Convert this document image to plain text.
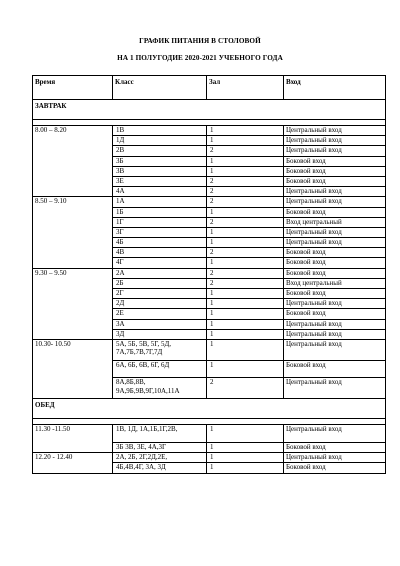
ГРАФИК ПИТАНИЯ В СТОЛОВОЙ
НА 1 ПОЛУГОДИЕ 2020-2021 УЧЕБНОГО ГОДА
Время	Класс	Зал	Вход
ЗАВТРАК			

8.00 – 8.20	1В	1	Центральный вход
	1Д	1	Центральный вход
	2В	2	Центральный вход
	3Б	1	Боковой вход
	3В	1	Боковой вход
	3Е	2	Боковой вход
	4А	2	Центральный вход
8.50 – 9.10	1А	2	Центральный вход
	1Б	1	Боковой вход
	1Г	2	Вход центральный
	3Г	1	Центральный вход
	4Б	1	Центральный вход
	4В	2	Боковой вход
	4Г	1	Боковой вход
9.30 – 9.50	2А	2	Боковой вход
	2Б	2	Вход центральный
	2Г	1	Боковой вход
	2Д	1	Центральный вход
	2Е	1	Боковой вход
	3А	1	Центральный вход
	3Д	1	Центральный вход
10.30- 10.50	5А, 5Б, 5В, 5Г, 5Д,
7А,7Б,7В,7Г,7Д	1	Центральный вход
	6А, 6Б, 6В, 6Г, 6Д	1	Боковой вход
	8А,8Б,8В,
9А,9Б,9В,9Г,10А,11А	2	Центральный вход
ОБЕД			

11.30 -11.50	1В, 1Д, 1А,1Б,1Г,2В,	1	Центральный вход
	3Б 3В, 3Е, 4А,3Г	1	Боковой вход
12.20 - 12.40	2А, 2Б, 2Г,2Д,2Е,	1	Центральный вход
	4Б,4В,4Г, 3А, 3Д	1	Боковой вход
